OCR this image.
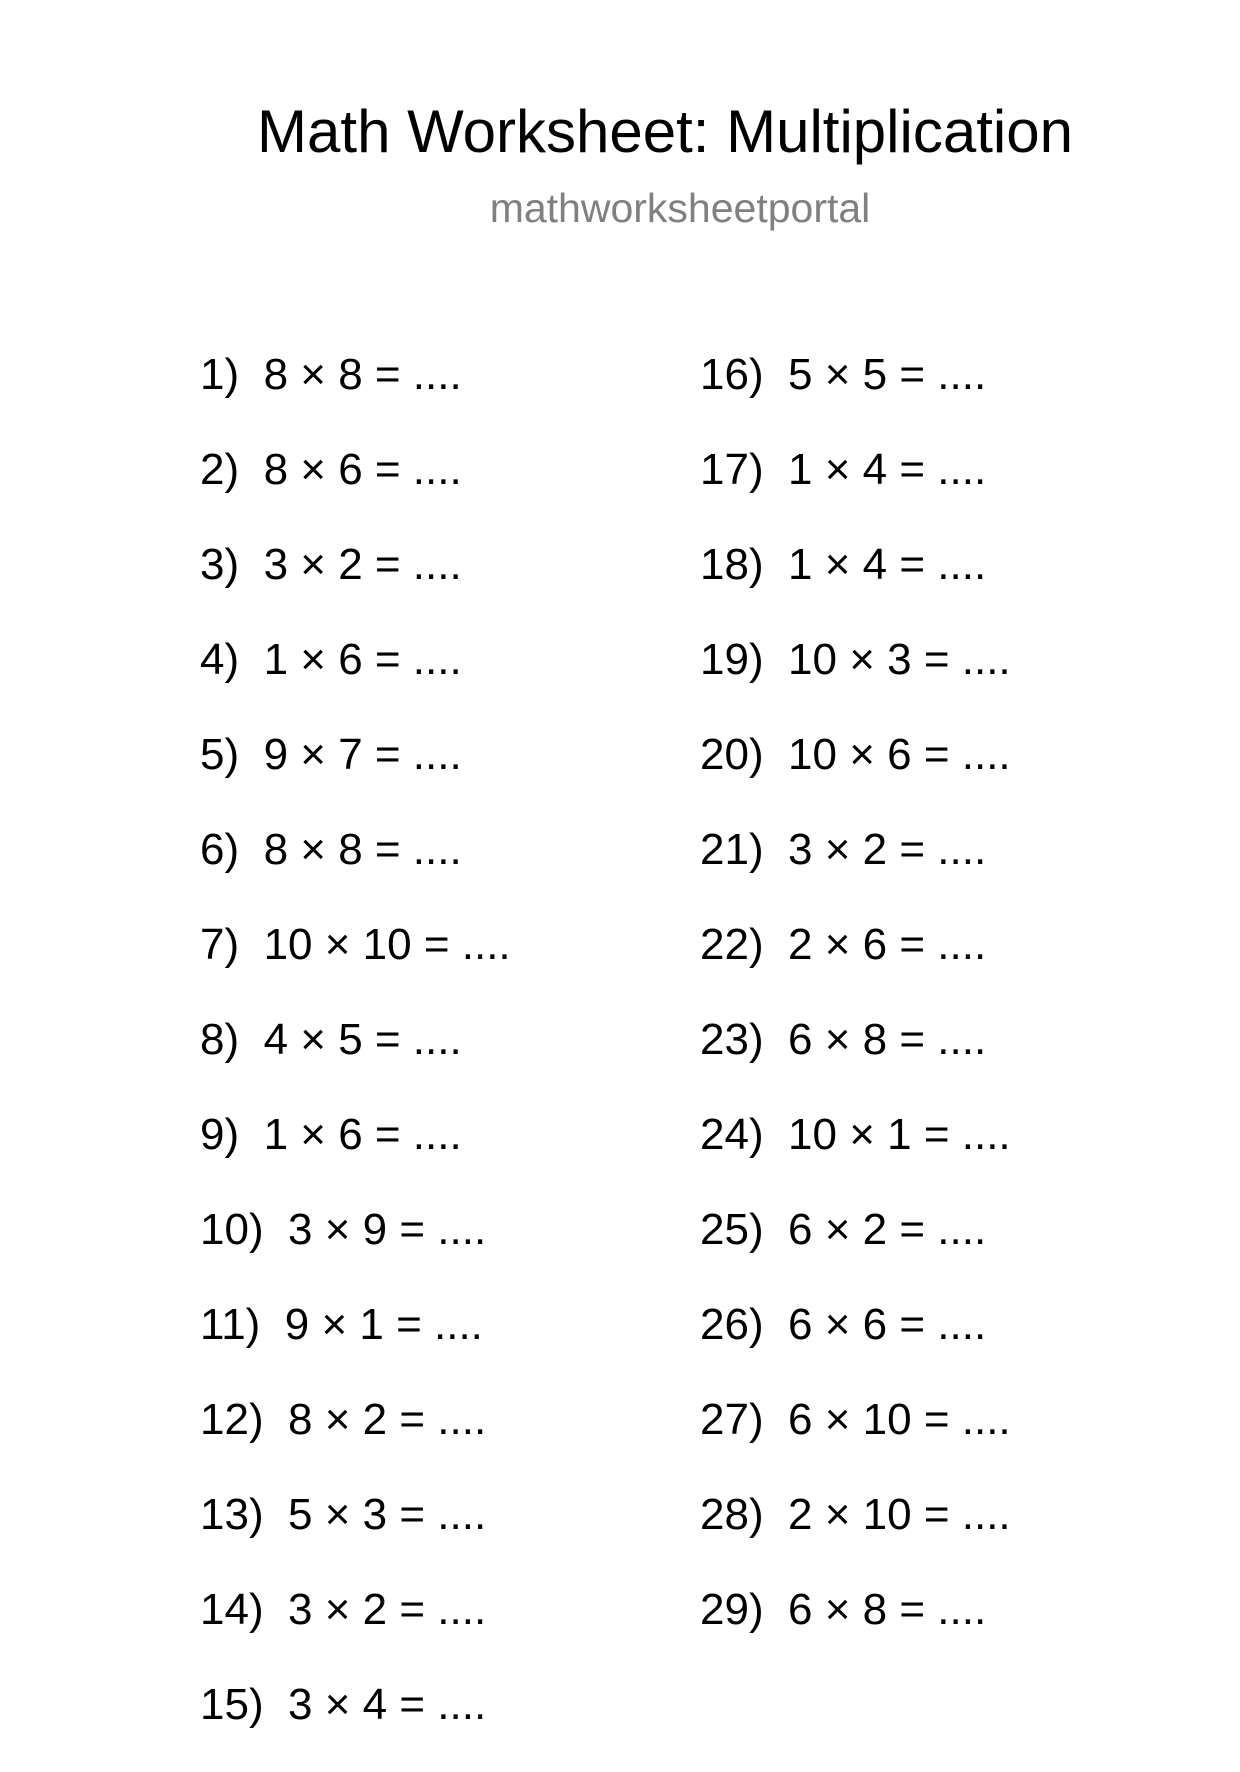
Math Worksheet: Multiplication
mathworksheetportal
1) 8 × 8 = ....
2) 8 × 6 = ....
3) 3 × 2 = ....
4) 1 × 6 = ....
5) 9 × 7 = ....
6) 8 × 8 = ....
7) 10 × 10 = ....
8) 4 × 5 = ....
9) 1 × 6 = ....
10) 3 × 9 = ....
11) 9 × 1 = ....
12) 8 × 2 = ....
13) 5 × 3 = ....
14) 3 × 2 = ....
15) 3 × 4 = ....
16) 5 × 5 = ....
17) 1 × 4 = ....
18) 1 × 4 = ....
19) 10 × 3 = ....
20) 10 × 6 = ....
21) 3 × 2 = ....
22) 2 × 6 = ....
23) 6 × 8 = ....
24) 10 × 1 = ....
25) 6 × 2 = ....
26) 6 × 6 = ....
27) 6 × 10 = ....
28) 2 × 10 = ....
29) 6 × 8 = ....
